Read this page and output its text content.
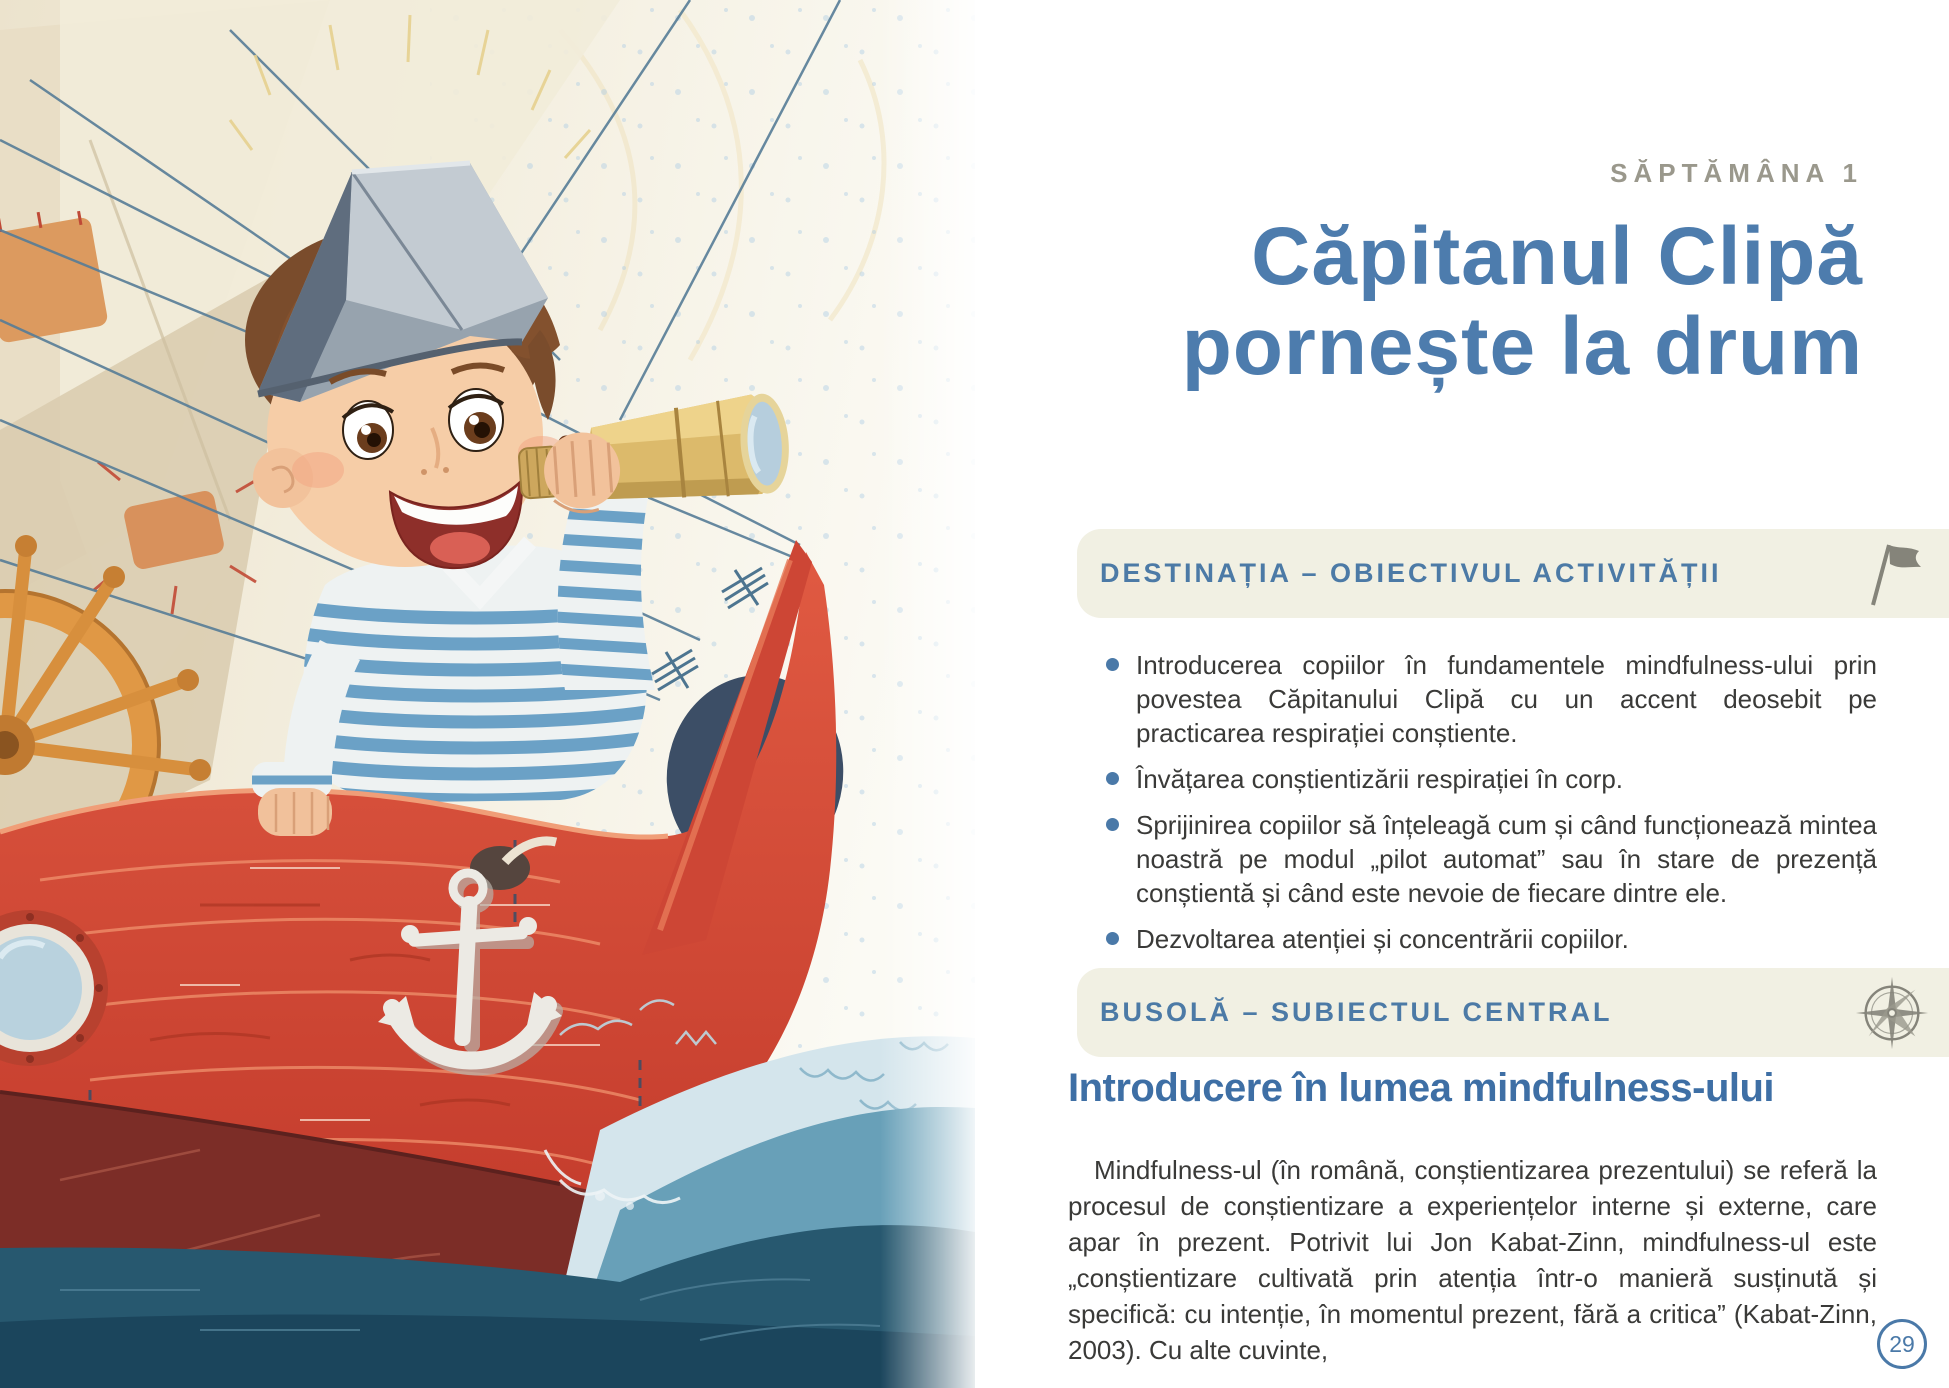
SĂPTĂMÂNA 1
Căpitanul Clipă
pornește la drum
DESTINAȚIA – OBIECTIVUL ACTIVITĂȚII

Introducerea copiilor în fundamentele mindfulness-ului prin povestea Căpitanului Clipă cu un accent deosebit pe practicarea respirației conștiente.

Învățarea conștientizării respirației în corp.

Sprijinirea copiilor să înțeleagă cum și când funcționează mintea noastră pe modul „pilot automat” sau în stare de prezență conștientă și când este nevoie de fiecare dintre ele.

Dezvoltarea atenției și concentrării copiilor.

BUSOLĂ – SUBIECTUL CENTRAL
Introducere în lumea mindfulness-ului

Mindfulness-ul (în română, conștientizarea prezentului) se referă la procesul de conștientizare a experiențelor interne și externe, care apar în prezent. Potrivit lui Jon Kabat-Zinn, mindfulness-ul este „conștientizare cultivată prin atenția într-o manieră susținută și specifică: cu intenție, în momentul prezent, fără a critica” (Kabat-Zinn, 2003). Cu alte cuvinte,	29
